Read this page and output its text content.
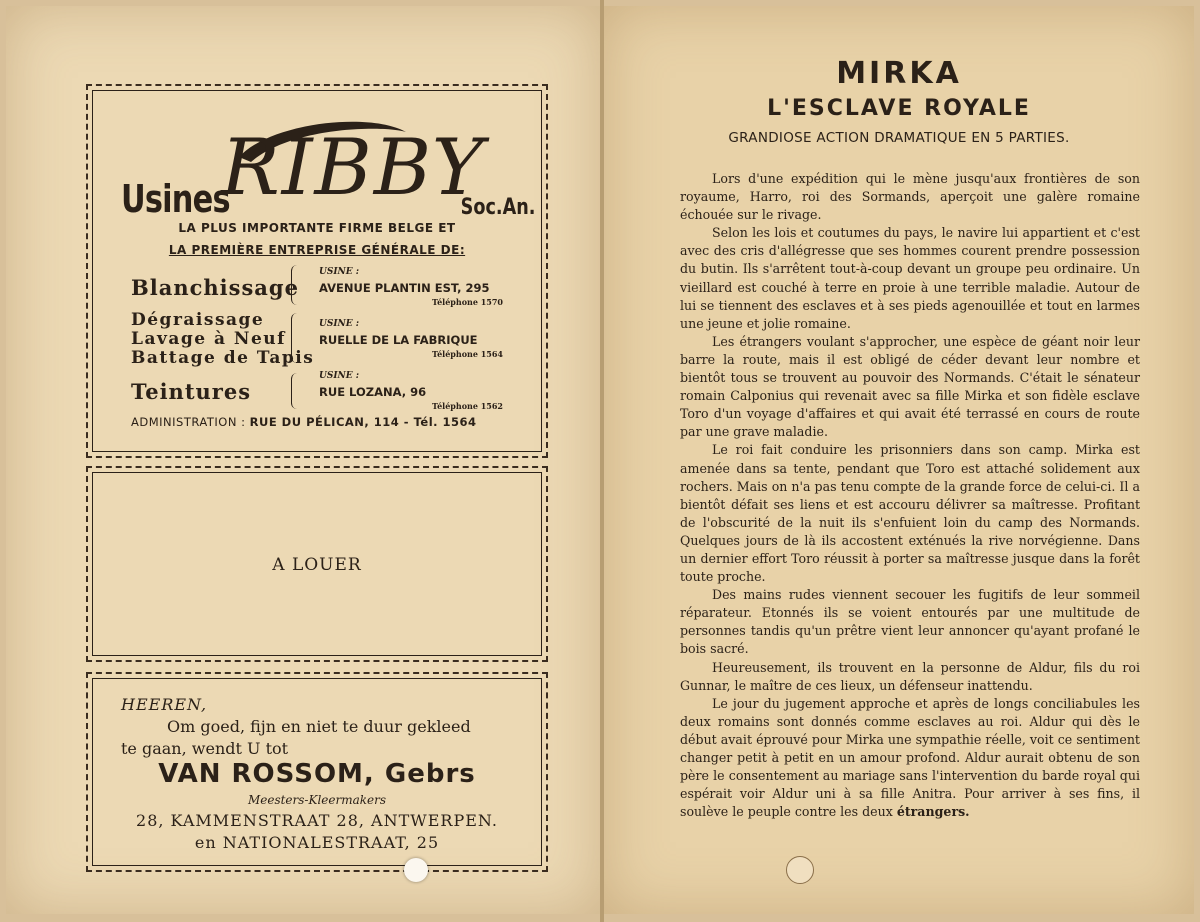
Usines
RIBBY
Soc.An.
LA PLUS IMPORTANTE FIRME BELGE ET
LA PREMIÈRE ENTREPRISE GÉNÉRALE DE:
Blanchissage
Dégraissage
Lavage à Neuf
Battage de Tapis
Teintures
USINE :
AVENUE PLANTIN EST, 295
Téléphone 1570
USINE :
RUELLE DE LA FABRIQUE
Téléphone 1564
USINE :
RUE LOZANA, 96
Téléphone 1562
ADMINISTRATION : RUE DU PÉLICAN, 114 - Tél. 1564
A LOUER
HEEREN,
Om goed, fijn en niet te duur gekleed
te gaan, wendt U tot
VAN ROSSOM, Gebrs
Meesters-Kleermakers
28, KAMMENSTRAAT 28, ANTWERPEN.
en NATIONALESTRAAT, 25
MIRKA
L'ESCLAVE ROYALE
GRANDIOSE ACTION DRAMATIQUE EN 5 PARTIES.

Lors d'une expédition qui le mène jusqu'aux frontières de son royaume, Harro, roi des Sormands, aperçoit une galère romaine échouée sur le rivage.

Selon les lois et coutumes du pays, le navire lui appartient et c'est avec des cris d'allégresse que ses hommes courent prendre possession du butin. Ils s'arrêtent tout-à-coup devant un groupe peu ordinaire. Un vieillard est couché à terre en proie à une terrible maladie. Autour de lui se tiennent des esclaves et à ses pieds agenouillée et tout en larmes une jeune et jolie romaine.

Les étrangers voulant s'approcher, une espèce de géant noir leur barre la route, mais il est obligé de céder devant leur nombre et bientôt tous se trouvent au pouvoir des Normands. C'était le sénateur romain Calponius qui revenait avec sa fille Mirka et son fidèle esclave Toro d'un voyage d'affaires et qui avait été terrassé en cours de route par une grave maladie.

Le roi fait conduire les prisonniers dans son camp. Mirka est amenée dans sa tente, pendant que Toro est attaché solidement aux rochers. Mais on n'a pas tenu compte de la grande force de celui-ci. Il a bientôt défait ses liens et est accouru délivrer sa maîtresse. Profitant de l'obscurité de la nuit ils s'enfuient loin du camp des Normands. Quelques jours de là ils accostent exténués la rive norvégienne. Dans un dernier effort Toro réussit à porter sa maîtresse jusque dans la forêt toute proche.

Des mains rudes viennent secouer les fugitifs de leur sommeil réparateur. Etonnés ils se voient entourés par une multitude de personnes tandis qu'un prêtre vient leur annoncer qu'ayant profané le bois sacré.

Heureusement, ils trouvent en la personne de Aldur, fils du roi Gunnar, le maître de ces lieux, un défenseur inattendu.

Le jour du jugement approche et après de longs conciliabules les deux romains sont donnés comme esclaves au roi. Aldur qui dès le début avait éprouvé pour Mirka une sympathie réelle, voit ce sentiment changer petit à petit en un amour profond. Aldur aurait obtenu de son père le consentement au mariage sans l'intervention du barde royal qui espérait voir Aldur uni à sa fille Anitra. Pour arriver à ses fins, il soulève le peuple contre les deux étrangers.
